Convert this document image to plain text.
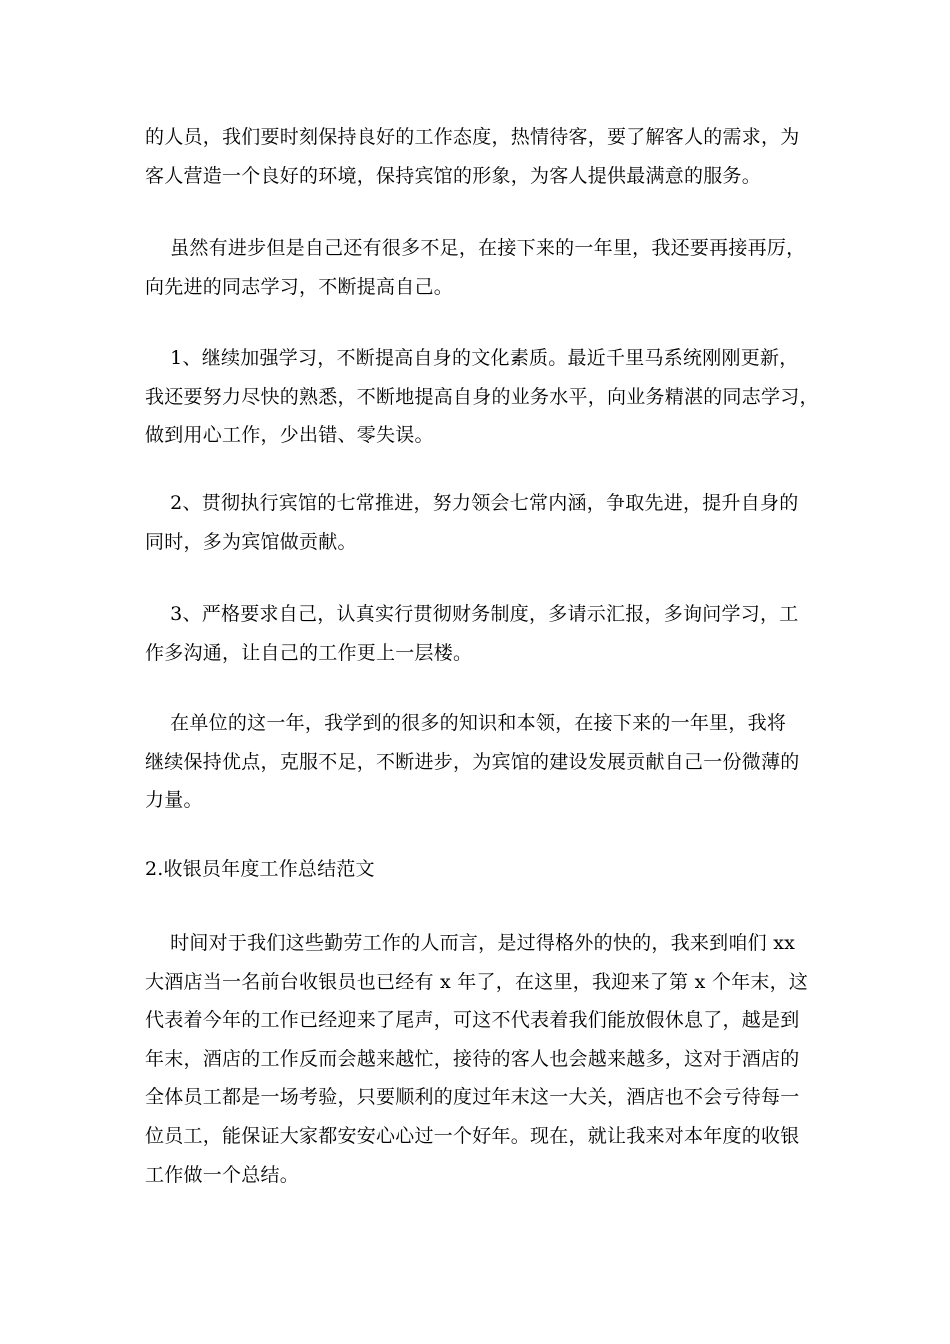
的人员，我们要时刻保持良好的工作态度，热情待客，要了解客人的需求，为
客人营造一个良好的环境，保持宾馆的形象，为客人提供最满意的服务。
虽然有进步但是自己还有很多不足，在接下来的一年里，我还要再接再厉，
向先进的同志学习，不断提高自己。
1、继续加强学习，不断提高自身的文化素质。最近千里马系统刚刚更新，
我还要努力尽快的熟悉，不断地提高自身的业务水平，向业务精湛的同志学习，
做到用心工作，少出错、零失误。
2、贯彻执行宾馆的七常推进，努力领会七常内涵，争取先进，提升自身的
同时，多为宾馆做贡献。
3、严格要求自己，认真实行贯彻财务制度，多请示汇报，多询问学习，工
作多沟通，让自己的工作更上一层楼。
在单位的这一年，我学到的很多的知识和本领，在接下来的一年里，我将
继续保持优点，克服不足，不断进步，为宾馆的建设发展贡献自己一份微薄的
力量。
2.收银员年度工作总结范文
时间对于我们这些勤劳工作的人而言，是过得格外的快的，我来到咱们 xx
大酒店当一名前台收银员也已经有 x 年了，在这里，我迎来了第 x 个年末，这
代表着今年的工作已经迎来了尾声，可这不代表着我们能放假休息了，越是到
年末，酒店的工作反而会越来越忙，接待的客人也会越来越多，这对于酒店的
全体员工都是一场考验，只要顺利的度过年末这一大关，酒店也不会亏待每一
位员工，能保证大家都安安心心过一个好年。现在，就让我来对本年度的收银
工作做一个总结。
